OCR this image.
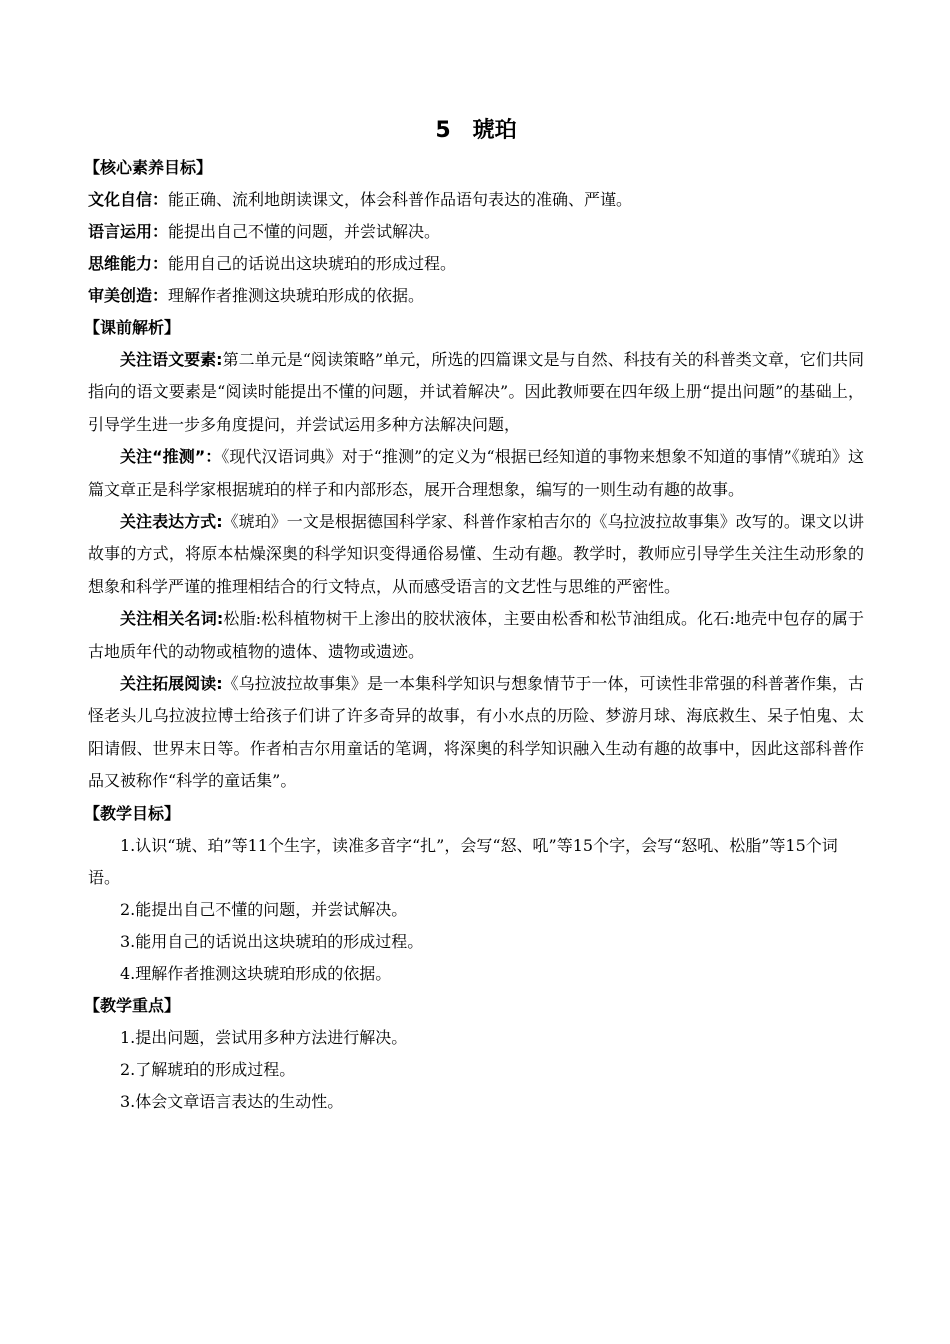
5 琥珀
【核心素养目标】
文化自信：能正确、流利地朗读课文，体会科普作品语句表达的准确、严谨。
语言运用：能提出自己不懂的问题，并尝试解决。
思维能力：能用自己的话说出这块琥珀的形成过程。
审美创造：理解作者推测这块琥珀形成的依据。
【课前解析】
关注语文要素:第二单元是“阅读策略”单元，所选的四篇课文是与自然、科技有关的科普类文章，它们共同指向的语文要素是“阅读时能提出不懂的问题，并试着解决”。因此教师要在四年级上册“提出问题”的基础上，引导学生进一步多角度提问，并尝试运用多种方法解决问题，
关注“推测”：《现代汉语词典》对于“推测”的定义为“根据已经知道的事物来想象不知道的事情”《琥珀》这篇文章正是科学家根据琥珀的样子和内部形态，展开合理想象，编写的一则生动有趣的故事。
关注表达方式:《琥珀》一文是根据德国科学家、科普作家柏吉尔的《乌拉波拉故事集》改写的。课文以讲故事的方式，将原本枯燥深奥的科学知识变得通俗易懂、生动有趣。教学时，教师应引导学生关注生动形象的想象和科学严谨的推理相结合的行文特点，从而感受语言的文艺性与思维的严密性。
关注相关名词:松脂:松科植物树干上渗出的胶状液体，主要由松香和松节油组成。化石:地壳中包存的属于古地质年代的动物或植物的遗体、遗物或遗迹。
关注拓展阅读:《乌拉波拉故事集》是一本集科学知识与想象情节于一体，可读性非常强的科普著作集，古怪老头儿乌拉波拉博士给孩子们讲了许多奇异的故事，有小水点的历险、梦游月球、海底救生、呆子怕鬼、太阳请假、世界末日等。作者柏吉尔用童话的笔调，将深奥的科学知识融入生动有趣的故事中，因此这部科普作品又被称作“科学的童话集”。
【教学目标】
1.认识“琥、珀”等11个生字，读准多音字“扎”，会写“怒、吼”等15个字，会写“怒吼、松脂”等15个词语。
2.能提出自己不懂的问题，并尝试解决。
3.能用自己的话说出这块琥珀的形成过程。
4.理解作者推测这块琥珀形成的依据。
【教学重点】
1.提出问题，尝试用多种方法进行解决。
2.了解琥珀的形成过程。
3.体会文章语言表达的生动性。
